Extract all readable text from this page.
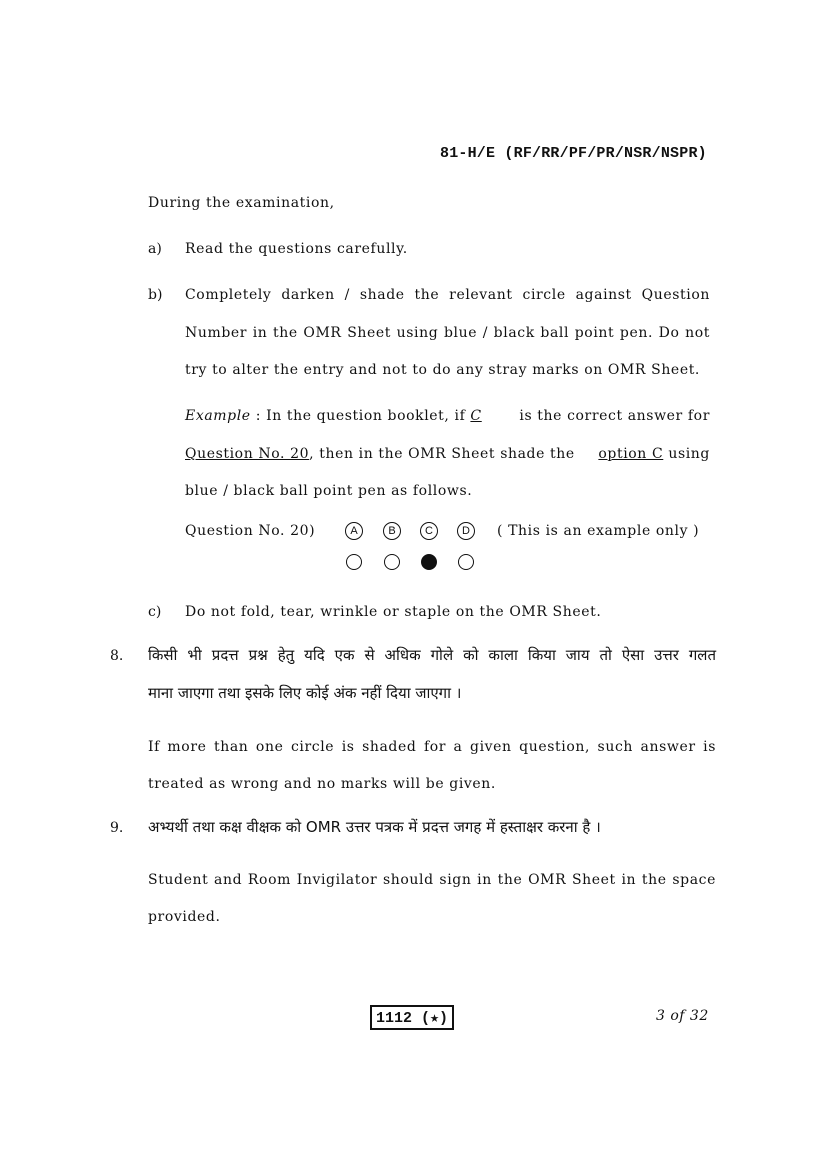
81-H/E (RF/RR/PF/PR/NSR/NSPR)
During the examination,
a) Read the questions carefully.
b) Completely darken / shade the relevant circle against Question
Number in the OMR Sheet using blue / black ball point pen. Do not
try to alter the entry and not to do any stray marks on OMR Sheet.
Example : In the question booklet, if C	is the correct answer for
Question No. 20, then in the OMR Sheet shade the option C using
blue / black ball point pen as follows.
Question No. 20)	A	B	C	D	( This is an example only )
c) Do not fold, tear, wrinkle or staple on the OMR Sheet.
8. किसी भी प्रदत्त प्रश्न हेतु यदि एक से अधिक गोले को काला किया जाय तो ऐसा उत्तर गलत
माना जाएगा तथा इसके लिए कोई अंक नहीं दिया जाएगा ।
If more than one circle is shaded for a given question, such answer is
treated as wrong and no marks will be given.
9. अभ्यर्थी तथा कक्ष वीक्षक को OMR उत्तर पत्रक में प्रदत्त जगह में हस्ताक्षर करना है ।
Student and Room Invigilator should sign in the OMR Sheet in the space
provided.
1112 (★)	3 of 32
